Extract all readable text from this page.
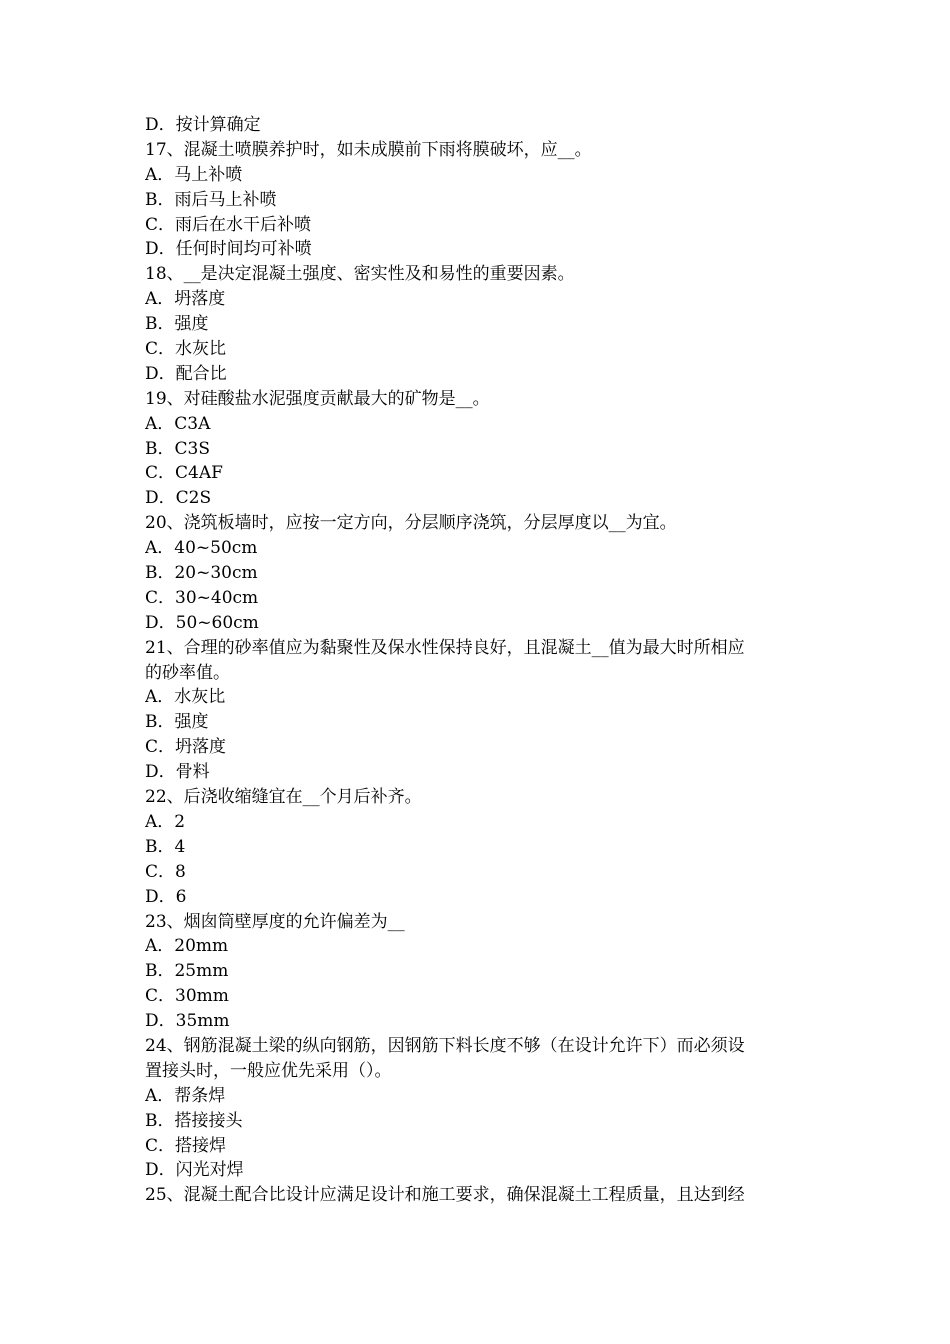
D．按计算确定
17、混凝土喷膜养护时，如未成膜前下雨将膜破坏，应__。
A．马上补喷
B．雨后马上补喷
C．雨后在水干后补喷
D．任何时间均可补喷
18、__是决定混凝土强度、密实性及和易性的重要因素。
A．坍落度
B．强度
C．水灰比
D．配合比
19、对硅酸盐水泥强度贡献最大的矿物是__。
A．C3A
B．C3S
C．C4AF
D．C2S
20、浇筑板墙时，应按一定方向，分层顺序浇筑，分层厚度以__为宜。
A．40~50cm
B．20~30cm
C．30~40cm
D．50~60cm
21、合理的砂率值应为黏聚性及保水性保持良好，且混凝土__值为最大时所相应
的砂率值。
A．水灰比
B．强度
C．坍落度
D．骨料
22、后浇收缩缝宜在__个月后补齐。
A．2
B．4
C．8
D．6
23、烟囱筒壁厚度的允许偏差为__
A．20mm
B．25mm
C．30mm
D．35mm
24、钢筋混凝土梁的纵向钢筋，因钢筋下料长度不够（在设计允许下）而必须设
置接头时，一般应优先采用（）。
A．帮条焊
B．搭接接头
C．搭接焊
D．闪光对焊
25、混凝土配合比设计应满足设计和施工要求，确保混凝土工程质量，且达到经
